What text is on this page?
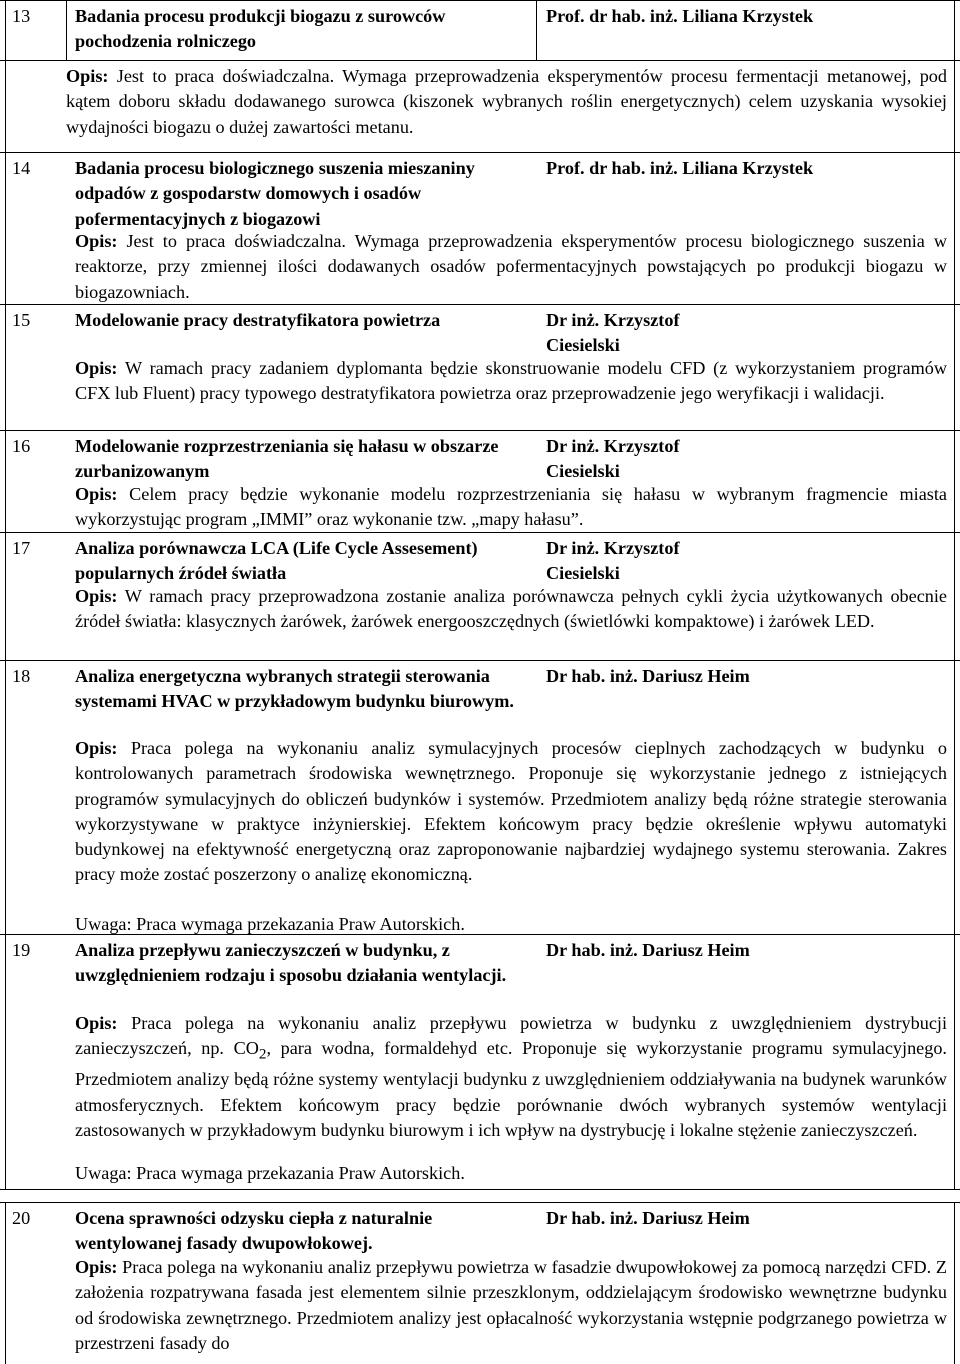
13 Badania procesu produkcji biogazu z surowców pochodzenia rolniczego
Prof. dr hab. inż. Liliana Krzystek
Opis: Jest to praca doświadczalna. Wymaga przeprowadzenia eksperymentów procesu fermentacji metanowej, pod kątem doboru składu dodawanego surowca (kiszonek wybranych roślin energetycznych) celem uzyskania wysokiej wydajności biogazu o dużej zawartości metanu.
14 Badania procesu biologicznego suszenia mieszaniny odpadów z gospodarstw domowych i osadów pofermentacyjnych z biogazowi
Prof. dr hab. inż. Liliana Krzystek
Opis: Jest to praca doświadczalna. Wymaga przeprowadzenia eksperymentów procesu biologicznego suszenia w reaktorze, przy zmiennej ilości dodawanych osadów pofermentacyjnych powstających po produkcji biogazu w biogazowniach.
15 Modelowanie pracy destratyfikatora powietrza	Dr inż. Krzysztof Ciesielski
Opis: W ramach pracy zadaniem dyplomanta będzie skonstruowanie modelu CFD (z wykorzystaniem programów CFX lub Fluent) pracy typowego destratyfikatora powietrza oraz przeprowadzenie jego weryfikacji i walidacji.
16 Modelowanie rozprzestrzeniania się hałasu w obszarze zurbanizowanym
Dr inż. Krzysztof Ciesielski
Opis: Celem pracy będzie wykonanie modelu rozprzestrzeniania się hałasu w wybranym fragmencie miasta wykorzystując program „IMMI” oraz wykonanie tzw. „mapy hałasu”.
17 Analiza porównawcza LCA (Life Cycle Assesement) popularnych źródeł światła
Dr inż. Krzysztof Ciesielski
Opis: W ramach pracy przeprowadzona zostanie analiza porównawcza pełnych cykli życia użytkowanych obecnie źródeł światła: klasycznych żarówek, żarówek energooszczędnych (świetlówki kompaktowe) i żarówek LED.
18 Analiza energetyczna wybranych strategii sterowania systemami HVAC w przykładowym budynku biurowym.
Dr hab. inż. Dariusz Heim
Opis: Praca polega na wykonaniu analiz symulacyjnych procesów cieplnych zachodzących w budynku o kontrolowanych parametrach środowiska wewnętrznego. Proponuje się wykorzystanie jednego z istniejących programów symulacyjnych do obliczeń budynków i systemów. Przedmiotem analizy będą różne strategie sterowania wykorzystywane w praktyce inżynierskiej. Efektem końcowym pracy będzie określenie wpływu automatyki budynkowej na efektywność energetyczną oraz zaproponowanie najbardziej wydajnego systemu sterowania. Zakres pracy może zostać poszerzony o analizę ekonomiczną.
Uwaga: Praca wymaga przekazania Praw Autorskich.
19 Analiza przepływu zanieczyszczeń w budynku, z uwzględnieniem rodzaju i sposobu działania wentylacji.
Dr hab. inż. Dariusz Heim
Opis: Praca polega na wykonaniu analiz przepływu powietrza w budynku z uwzględnieniem dystrybucji zanieczyszczeń, np. $CO_2$, para wodna, formaldehyd etc. Proponuje się wykorzystanie programu symulacyjnego. Przedmiotem analizy będą różne systemy wentylacji budynku z uwzględnieniem oddziaływania na budynek warunków atmosferycznych. Efektem końcowym pracy będzie porównanie dwóch wybranych systemów wentylacji zastosowanych w przykładowym budynku biurowym i ich wpływ na dystrybucję i lokalne stężenie zanieczyszczeń.
Uwaga: Praca wymaga przekazania Praw Autorskich.
20 Ocena sprawności odzysku ciepła z naturalnie wentylowanej fasady dwupowłokowej.
Dr hab. inż. Dariusz Heim
Opis: Praca polega na wykonaniu analiz przepływu powietrza w fasadzie dwupowłokowej za pomocą narzędzi CFD. Z założenia rozpatrywana fasada jest elementem silnie przeszklonym, oddzielającym środowisko wewnętrzne budynku od środowiska zewnętrznego. Przedmiotem analizy jest opłacalność wykorzystania wstępnie podgrzanego powietrza w przestrzeni fasady do
